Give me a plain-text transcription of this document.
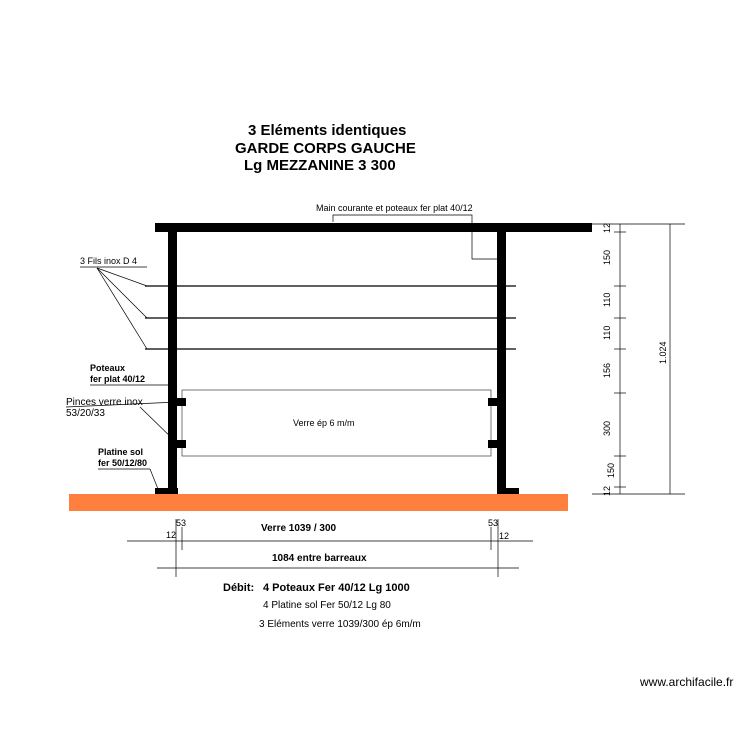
3 Eléments identiques
GARDE CORPS GAUCHE
Lg MEZZANINE 3 300
Verre ép 6 m/m
Main courante et poteaux fer plat 40/12
3 Fils inox D 4
Poteaux
fer plat 40/12
Pinces verre inox
53/20/33
Platine sol
fer 50/12/80
12
150
110
110
156
300
150
12
1.024
53
12
Verre 1039 / 300	53
12
1084 entre barreaux
Débit: 4 Poteaux Fer 40/12 Lg 1000
4 Platine sol Fer 50/12 Lg 80
3 Eléments verre 1039/300 ép 6m/m
www.archifacile.fr
